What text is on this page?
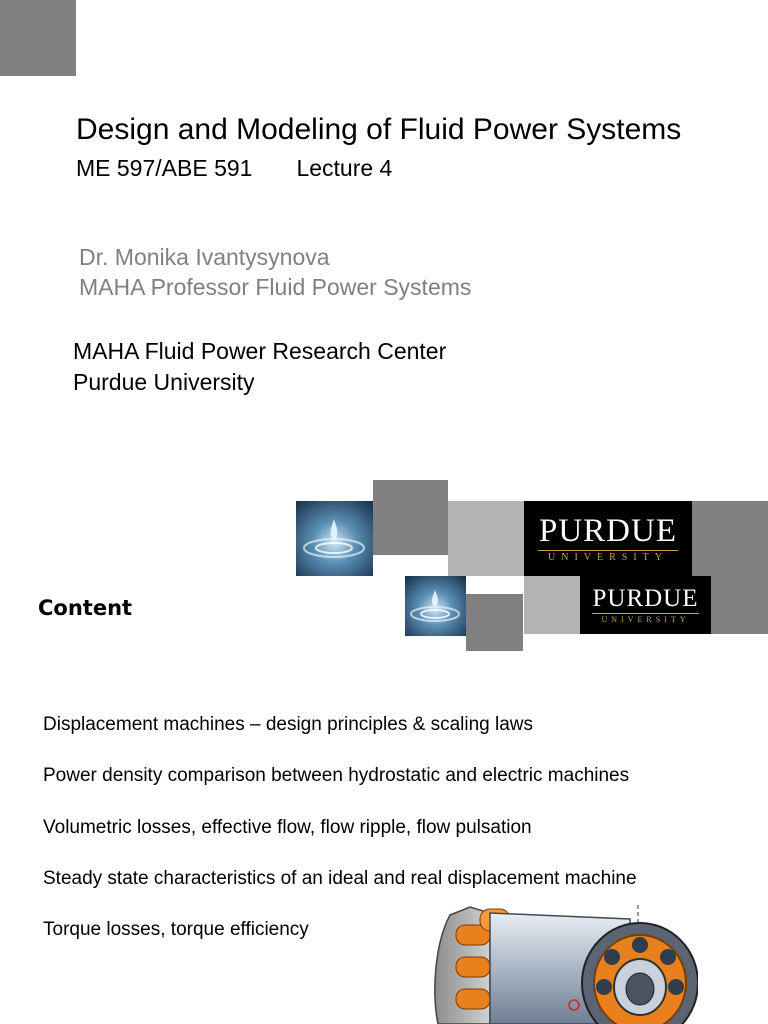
Design and Modeling of Fluid Power Systems
ME 597/ABE 591 Lecture 4
Dr. Monika Ivantysynova
MAHA Professor Fluid Power Systems
MAHA Fluid Power Research Center
Purdue University
PURDUE
UNIVERSITY
PURDUE
UNIVERSITY
Content
Displacement machines – design principles & scaling laws
Power density comparison between hydrostatic and electric machines
Volumetric losses, effective flow, flow ripple, flow pulsation
Steady state characteristics of an ideal and real displacement machine
Torque losses, torque efficiency
